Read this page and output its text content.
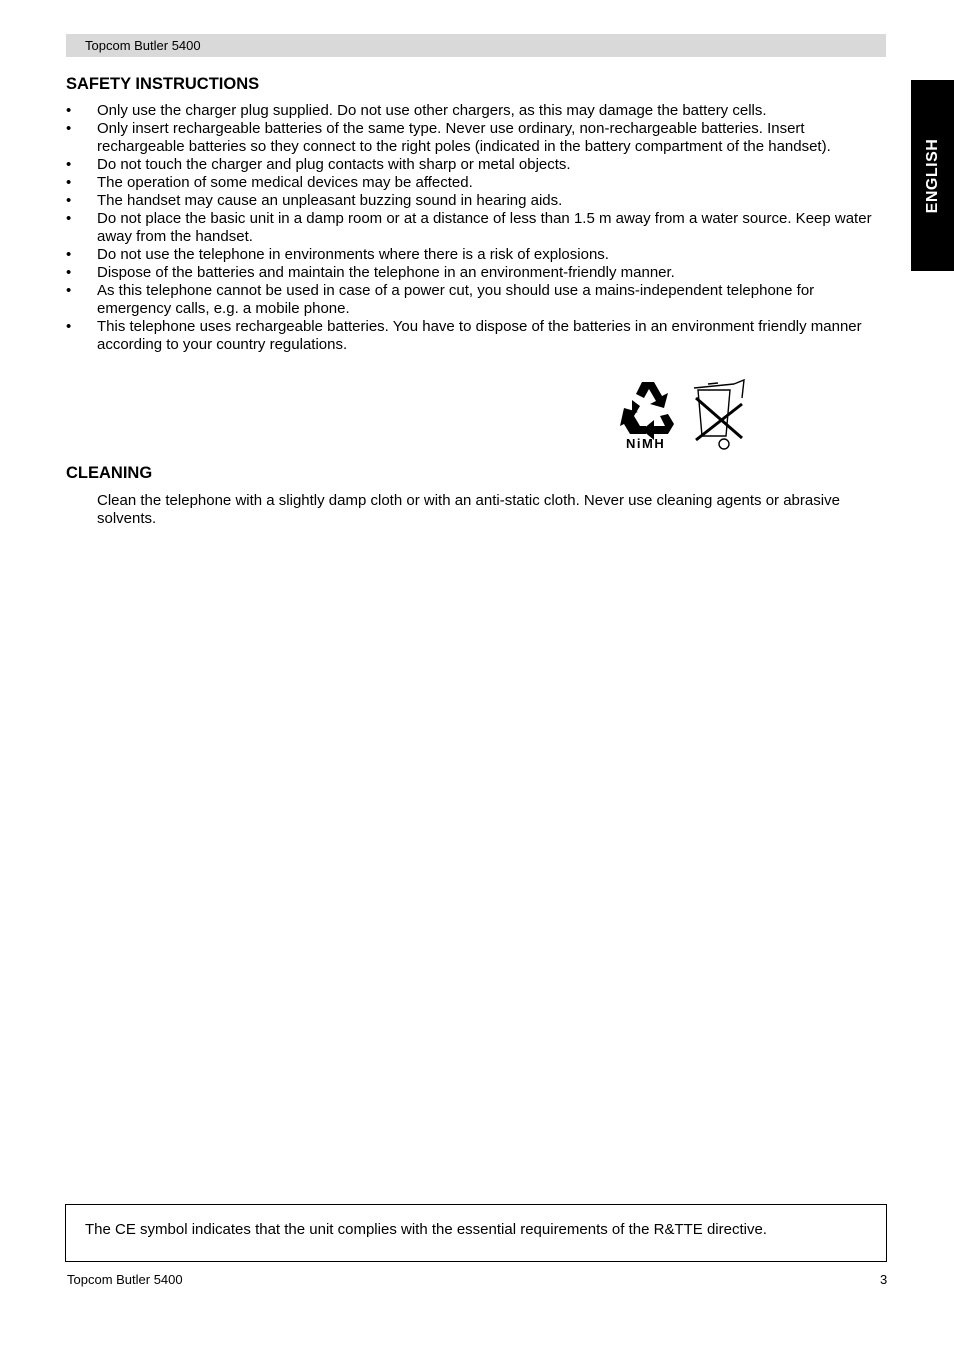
Topcom Butler 5400
ENGLISH
SAFETY INSTRUCTIONS
• Only use the charger plug supplied. Do not use other chargers, as this may damage the battery cells.
• Only insert rechargeable batteries of the same type. Never use ordinary, non-rechargeable batteries. Insert rechargeable batteries so they connect to the right poles (indicated in the battery compartment of the handset).
• Do not touch the charger and plug contacts with sharp or metal objects.
• The operation of some medical devices may be affected.
• The handset may cause an unpleasant buzzing sound in hearing aids.
• Do not place the basic unit in a damp room or at a distance of less than 1.5 m away from a water source. Keep water away from the handset.
• Do not use the telephone in environments where there is a risk of explosions.
• Dispose of the batteries and maintain the telephone in an environment-friendly manner.
• As this telephone cannot be used in case of a power cut, you should use a mains-independent telephone for emergency calls, e.g. a mobile phone.
• This telephone uses rechargeable batteries. You have to dispose of the batteries in an environment friendly manner according to your country regulations.
NiMH
CLEANING

Clean the telephone with a slightly damp cloth or with an anti-static cloth. Never use cleaning agents or abrasive solvents.

The CE symbol indicates that the unit complies with the essential requirements of the R&TTE directive.
Topcom Butler 5400	3
